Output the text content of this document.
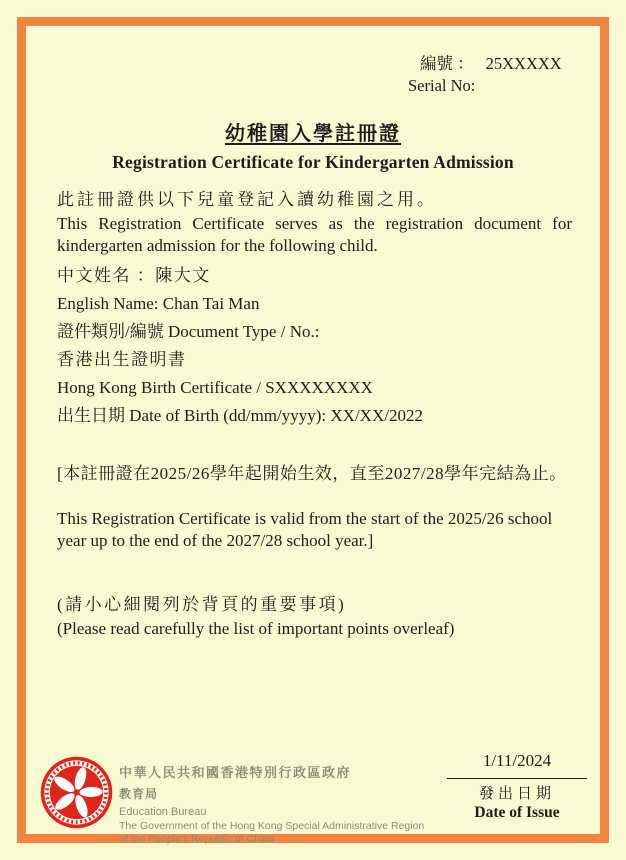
編號 ： 25XXXXX
Serial No:
幼稚園入學註冊證
Registration Certificate for Kindergarten Admission
此註冊證供以下兒童登記入讀幼稚園之用。
This Registration Certificate serves as the registration document for kindergarten admission for the following child.
中文姓名 ：陳大文
English Name: Chan Tai Man
證件類別/編號 Document Type / No.:
香港出生證明書
Hong Kong Birth Certificate / SXXXXXXXX
出生日期 Date of Birth (dd/mm/yyyy): XX/XX/2022
[本註冊證在2025/26學年起開始生效，直至2027/28學年完結為止。
This Registration Certificate is valid from the start of the 2025/26 school year up to the end of the 2027/28 school year.]
(請小心細閱列於背頁的重要事項)
(Please read carefully the list of important points overleaf)
中華人民共和國香港特別行政區政府
教育局
Education Bureau
The Government of the Hong Kong Special Administrative Region
of the People's Republic of China
1/11/2024
發出日期
Date of Issue
